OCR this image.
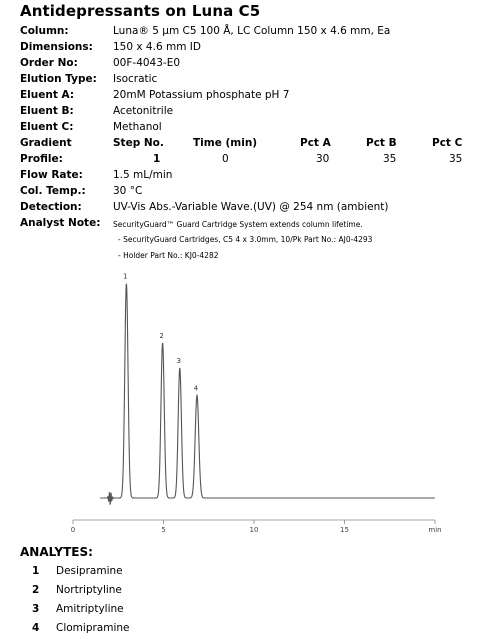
Antidepressants on Luna C5
Column:	Luna® 5 µm C5 100 Å, LC Column 150 x 4.6 mm, Ea
Dimensions: 150 x 4.6 mm ID
Order No:	00F-4043-E0
Elution Type: Isocratic
Eluent A:	20mM Potassium phosphate pH 7
Eluent B:	Acetonitrile
Eluent C:	Methanol
Gradient	Step No.	Time (min)	Pct A	Pct B	Pct C
Profile:	1	0	30	35	35
Flow Rate:	1.5 mL/min
Col. Temp.:	30 °C
Detection:	UV-Vis Abs.-Variable Wave.(UV) @ 254 nm (ambient)
Analyst Note: SecurityGuard™ Guard Cartridge System extends column lifetime.
- SecurityGuard Cartridges, C5 4 x 3.0mm, 10/Pk Part No.: AJ0-4293
- Holder Part No.: KJ0-4282
1
2
3
4
0	5	10	15	min
ANALYTES:
1 Desipramine
2 Nortriptyline
3 Amitriptyline
4 Clomipramine
